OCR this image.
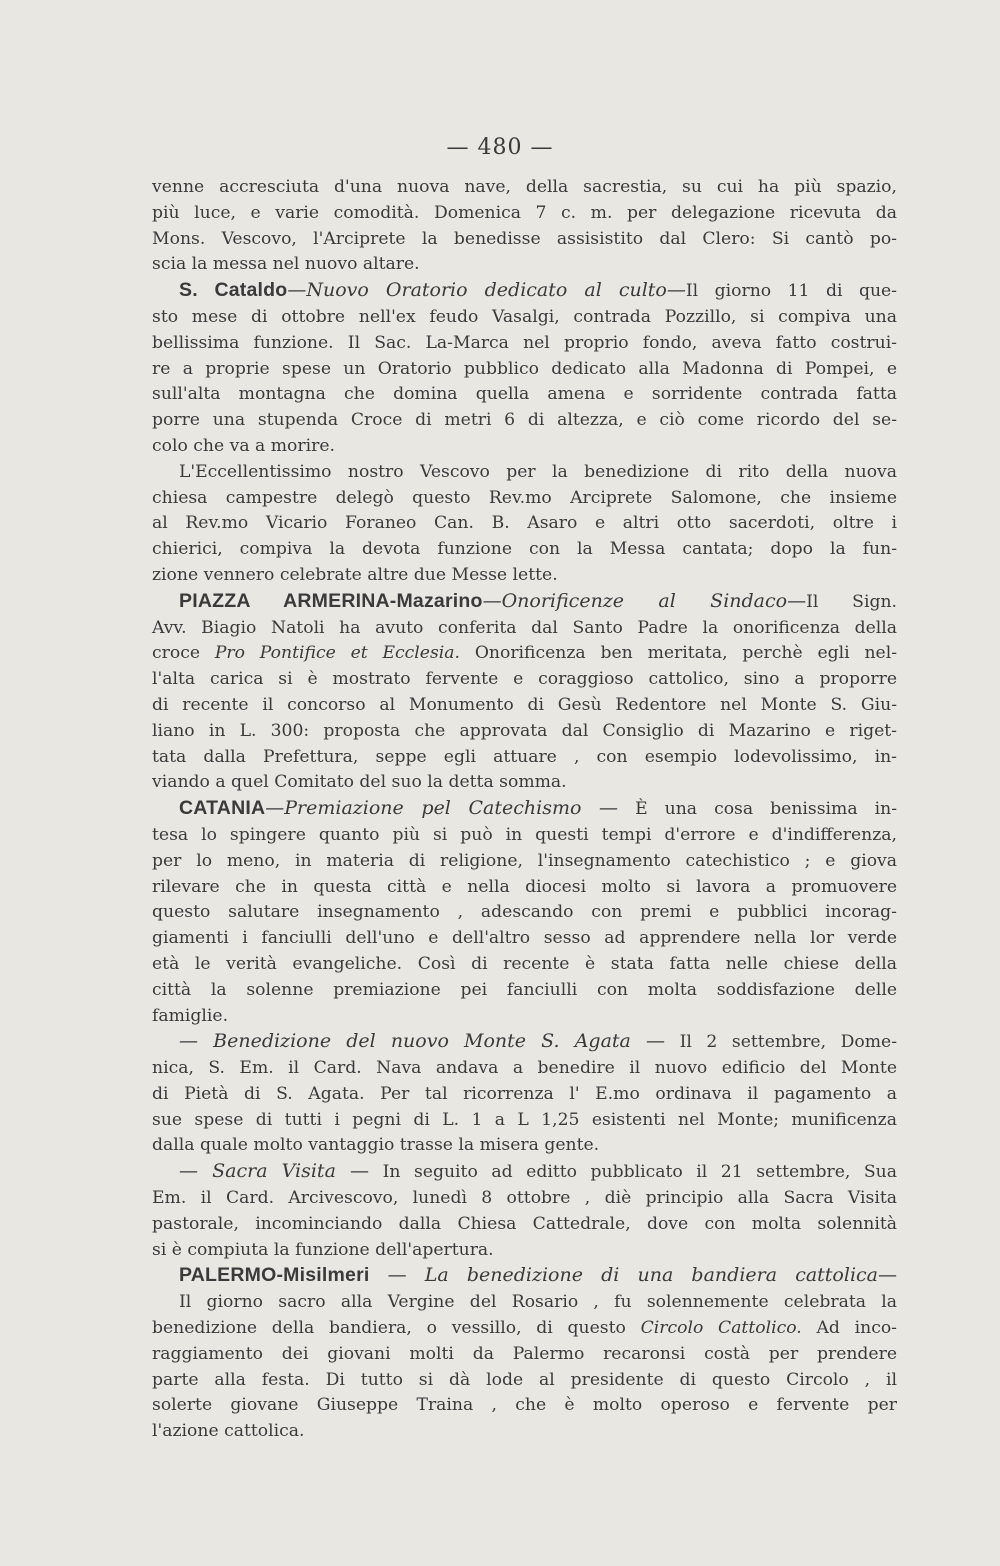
— 480 —

venne accresciuta d'una nuova nave, della sacrestia, su cui ha più spazio,
più luce, e varie comodità. Domenica 7 c. m. per delegazione ricevuta da
Mons. Vescovo, l'Arciprete la benedisse assisistito dal Clero: Si cantò po-
scia la messa nel nuovo altare.

S. Cataldo—Nuovo Oratorio dedicato al culto—Il giorno 11 di que-
sto mese di ottobre nell'ex feudo Vasalgi, contrada Pozzillo, si compiva una
bellissima funzione. Il Sac. La-Marca nel proprio fondo, aveva fatto costrui-
re a proprie spese un Oratorio pubblico dedicato alla Madonna di Pompei, e
sull'alta montagna che domina quella amena e sorridente contrada fatta
porre una stupenda Croce di metri 6 di altezza, e ciò come ricordo del se-
colo che va a morire.

L'Eccellentissimo nostro Vescovo per la benedizione di rito della nuova
chiesa campestre delegò questo Rev.mo Arciprete Salomone, che insieme
al Rev.mo Vicario Foraneo Can. B. Asaro e altri otto sacerdoti, oltre i
chierici, compiva la devota funzione con la Messa cantata; dopo la fun-
zione vennero celebrate altre due Messe lette.

PIAZZA ARMERINA-Mazarino—Onorificenze al Sindaco—Il Sign.
Avv. Biagio Natoli ha avuto conferita dal Santo Padre la onorificenza della
croce Pro Pontifice et Ecclesia. Onorificenza ben meritata, perchè egli nel-
l'alta carica si è mostrato fervente e coraggioso cattolico, sino a proporre
di recente il concorso al Monumento di Gesù Redentore nel Monte S. Giu-
liano in L. 300: proposta che approvata dal Consiglio di Mazarino e riget-
tata dalla Prefettura, seppe egli attuare , con esempio lodevolissimo, in-
viando a quel Comitato del suo la detta somma.

CATANIA—Premiazione pel Catechismo — È una cosa benissima in-
tesa lo spingere quanto più si può in questi tempi d'errore e d'indifferenza,
per lo meno, in materia di religione, l'insegnamento catechistico ; e giova
rilevare che in questa città e nella diocesi molto si lavora a promuovere
questo salutare insegnamento , adescando con premi e pubblici incorag-
giamenti i fanciulli dell'uno e dell'altro sesso ad apprendere nella lor verde
età le verità evangeliche. Così di recente è stata fatta nelle chiese della
città la solenne premiazione pei fanciulli con molta soddisfazione delle
famiglie.

— Benedizione del nuovo Monte S. Agata — Il 2 settembre, Dome-
nica, S. Em. il Card. Nava andava a benedire il nuovo edificio del Monte
di Pietà di S. Agata. Per tal ricorrenza l' E.mo ordinava il pagamento a
sue spese di tutti i pegni di L. 1 a L 1,25 esistenti nel Monte; munificenza
dalla quale molto vantaggio trasse la misera gente.

— Sacra Visita — In seguito ad editto pubblicato il 21 settembre, Sua
Em. il Card. Arcivescovo, lunedì 8 ottobre , diè principio alla Sacra Visita
pastorale, incominciando dalla Chiesa Cattedrale, dove con molta solennità
si è compiuta la funzione dell'apertura.

PALERMO-Misilmeri — La benedizione di una bandiera cattolica—
Il giorno sacro alla Vergine del Rosario , fu solennemente celebrata la
benedizione della bandiera, o vessillo, di questo Circolo Cattolico. Ad inco-
raggiamento dei giovani molti da Palermo recaronsi costà per prendere
parte alla festa. Di tutto si dà lode al presidente di questo Circolo , il
solerte giovane Giuseppe Traina , che è molto operoso e fervente per
l'azione cattolica.
